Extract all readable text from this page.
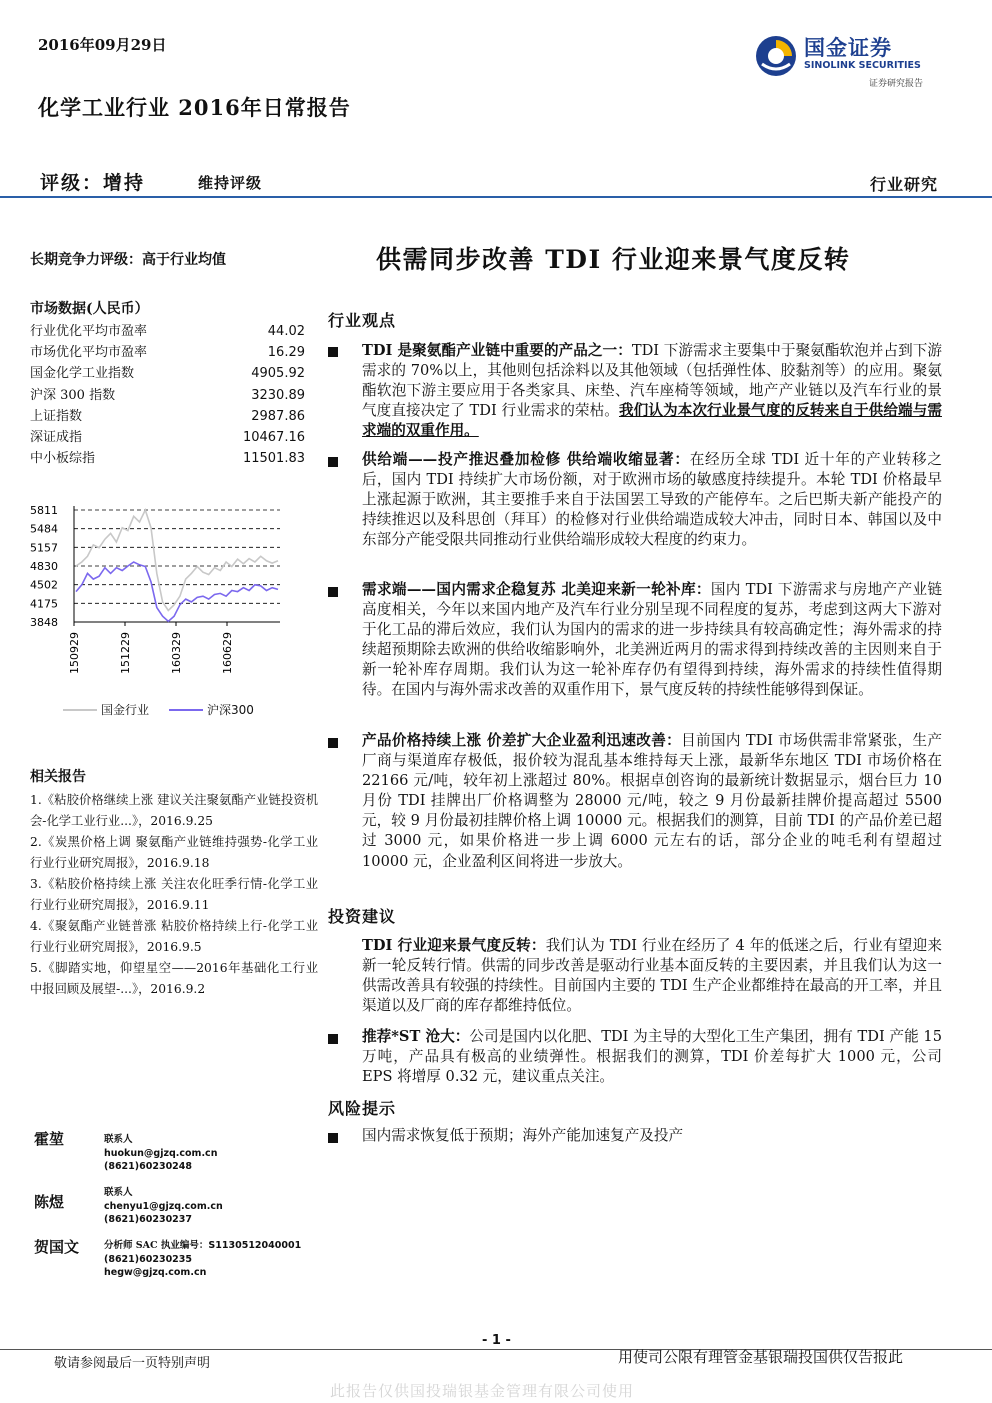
2016年09月29日
化学工业行业 2016年日常报告
国金证券
SINOLINK SECURITIES
证券研究报告
评级：增持	维持评级	行业研究
长期竞争力评级：高于行业均值
市场数据(人民币）
行业优化平均市盈率	44.02
市场优化平均市盈率	16.29
国金化学工业指数	4905.92
沪深 300 指数	3230.89
上证指数	2987.86
深证成指	10467.16
中小板综指	11501.83
5811
5484
5157
4830
4502
4175
3848
150929	151229	160329	160629
国金行业	沪深300
相关报告
1.《粘胶价格继续上涨 建议关注聚氨酯产业链投资机会-化学工业行业...》，2016.9.25
2.《炭黑价格上调 聚氨酯产业链维持强势-化学工业行业行业研究周报》，2016.9.18
3.《粘胶价格持续上涨 关注农化旺季行情-化学工业行业行业研究周报》，2016.9.11
4.《聚氨酯产业链普涨 粘胶价格持续上行-化学工业行业行业研究周报》，2016.9.5
5.《脚踏实地，仰望星空——2016年基础化工行业中报回顾及展望-...》，2016.9.2
霍堃	联系人
huokun@gjzq.com.cn
(8621)60230248
陈煜
联系人
chenyu1@gjzq.com.cn
(8621)60230237
贺国文	分析师 SAC 执业编号：S1130512040001
(8621)60230235
hegw@gjzq.com.cn
供需同步改善 TDI 行业迎来景气度反转
行业观点
TDI 是聚氨酯产业链中重要的产品之一：TDI 下游需求主要集中于聚氨酯软泡并占到下游需求的 70%以上，其他则包括涂料以及其他领域（包括弹性体、胶黏剂等）的应用。聚氨酯软泡下游主要应用于各类家具、床垫、汽车座椅等领域，地产产业链以及汽车行业的景气度直接决定了 TDI 行业需求的荣枯。我们认为本次行业景气度的反转来自于供给端与需求端的双重作用。
供给端——投产推迟叠加检修 供给端收缩显著：在经历全球 TDI 近十年的产业转移之后，国内 TDI 持续扩大市场份额，对于欧洲市场的敏感度持续提升。本轮 TDI 价格最早上涨起源于欧洲，其主要推手来自于法国罢工导致的产能停车。之后巴斯夫新产能投产的持续推迟以及科思创（拜耳）的检修对行业供给端造成较大冲击，同时日本、韩国以及中东部分产能受限共同推动行业供给端形成较大程度的约束力。
需求端——国内需求企稳复苏 北美迎来新一轮补库：国内 TDI 下游需求与房地产产业链高度相关，今年以来国内地产及汽车行业分别呈现不同程度的复苏，考虑到这两大下游对于化工品的滞后效应，我们认为国内的需求的进一步持续具有较高确定性；海外需求的持续超预期除去欧洲的供给收缩影响外，北美洲近两月的需求得到持续改善的主因则来自于新一轮补库存周期。我们认为这一轮补库存仍有望得到持续，海外需求的持续性值得期待。在国内与海外需求改善的双重作用下，景气度反转的持续性能够得到保证。
产品价格持续上涨 价差扩大企业盈利迅速改善：目前国内 TDI 市场供需非常紧张，生产厂商与渠道库存极低，报价较为混乱基本维持每天上涨，最新华东地区 TDI 市场价格在 22166 元/吨，较年初上涨超过 80%。根据卓创咨询的最新统计数据显示，烟台巨力 10 月份 TDI 挂牌出厂价格调整为 28000 元/吨，较之 9 月份最新挂牌价提高超过 5500 元，较 9 月份最初挂牌价格上调 10000 元。根据我们的测算，目前 TDI 的产品价差已超过 3000 元，如果价格进一步上调 6000 元左右的话，部分企业的吨毛利有望超过 10000 元，企业盈利区间将进一步放大。
投资建议
TDI 行业迎来景气度反转：我们认为 TDI 行业在经历了 4 年的低迷之后，行业有望迎来新一轮反转行情。供需的同步改善是驱动行业基本面反转的主要因素，并且我们认为这一供需改善具有较强的持续性。目前国内主要的 TDI 生产企业都维持在最高的开工率，并且渠道以及厂商的库存都维持低位。
推荐*ST 沧大：公司是国内以化肥、TDI 为主导的大型化工生产集团，拥有 TDI 产能 15 万吨，产品具有极高的业绩弹性。根据我们的测算，TDI 价差每扩大 1000 元，公司 EPS 将增厚 0.32 元，建议重点关注。
风险提示
国内需求恢复低于预期；海外产能加速复产及投产
- 1 -
敬请参阅最后一页特别声明	用使司公限有理管金基银瑞投国供仅告报此
此报告仅供国投瑞银基金管理有限公司使用
